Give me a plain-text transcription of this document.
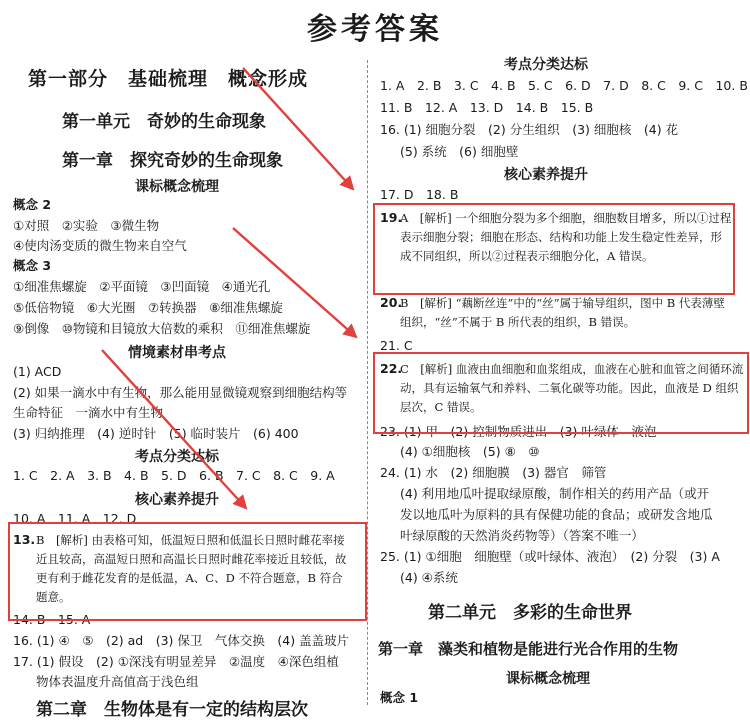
参考答案
第一部分　基础梳理　概念形成
第一单元　奇妙的生命现象
第一章　探究奇妙的生命现象
课标概念梳理
概念 2
①对照　②实验　③微生物
④使肉汤变质的微生物来自空气
概念 3
①细准焦螺旋　②平面镜　③凹面镜　④通光孔
⑤低倍物镜　⑥大光圈　⑦转换器　⑧细准焦螺旋
⑨倒像　⑩物镜和目镜放大倍数的乘积　⑪细准焦螺旋
情境素材串考点
(1) ACD
(2) 如果一滴水中有生物，那么能用显微镜观察到细胞结构等
生命特征　一滴水中有生物
(3) 归纳推理　(4) 逆时针　(5) 临时装片　(6) 400
考点分类达标
1. C　2. A　3. B　4. B　5. D　6. B　7. C　8. C　9. A
核心素养提升
10. A　11. A　12. D
13. B　[解析] 由表格可知，低温短日照和低温长日照时雌花率接近且较高，高温短日照和高温长日照时雌花率接近且较低，故更有利于雌花发育的是低温，A、C、D 不符合题意，B 符合题意。
14. B　15. A
16. (1) ④　⑤　(2) ad　(3) 保卫　气体交换　(4) 盖盖玻片
17. (1) 假设　(2) ①深浅有明显差异　②温度　④深色组植
物体表温度升高值高于浅色组
第二章　生物体是有一定的结构层次
考点分类达标
1. A　2. B　3. C　4. B　5. C　6. D　7. D　8. C　9. C　10. B
11. B　12. A　13. D　14. B　15. B
16. (1) 细胞分裂　(2) 分生组织　(3) 细胞核　(4) 花
(5) 系统　(6) 细胞壁
核心素养提升
17. D　18. B
19.
A　[解析] 一个细胞分裂为多个细胞，细胞数目增多，所以①过程表示细胞分裂；细胞在形态、结构和功能上发生稳定性差异，形成不同组织，所以②过程表示细胞分化，A 错误。
20.
B　[解析] “藕断丝连”中的“丝”属于输导组织，图中 B 代表薄壁组织，“丝”不属于 B 所代表的组织，B 错误。
21. C
22.
C　[解析] 血液由血细胞和血浆组成，血液在心脏和血管之间循环流动，具有运输氧气和养料、二氧化碳等功能。因此，血液是 D 组织层次，C 错误。
23. (1) 甲　(2) 控制物质进出　(3) 叶绿体　液泡
(4) ①细胞核　(5) ⑧　⑩
24. (1) 水　(2) 细胞膜　(3) 器官　筛管
(4) 利用地瓜叶提取绿原酸，制作相关的药用产品（或开
发以地瓜叶为原料的具有保健功能的食品；或研发含地瓜
叶绿原酸的天然消炎药物等）（答案不唯一）
25. (1) ①细胞　细胞壁（或叶绿体、液泡）　(2) 分裂　(3) A
(4) ④系统
第二单元　多彩的生命世界
第一章　藻类和植物是能进行光合作用的生物
课标概念梳理
概念 1
